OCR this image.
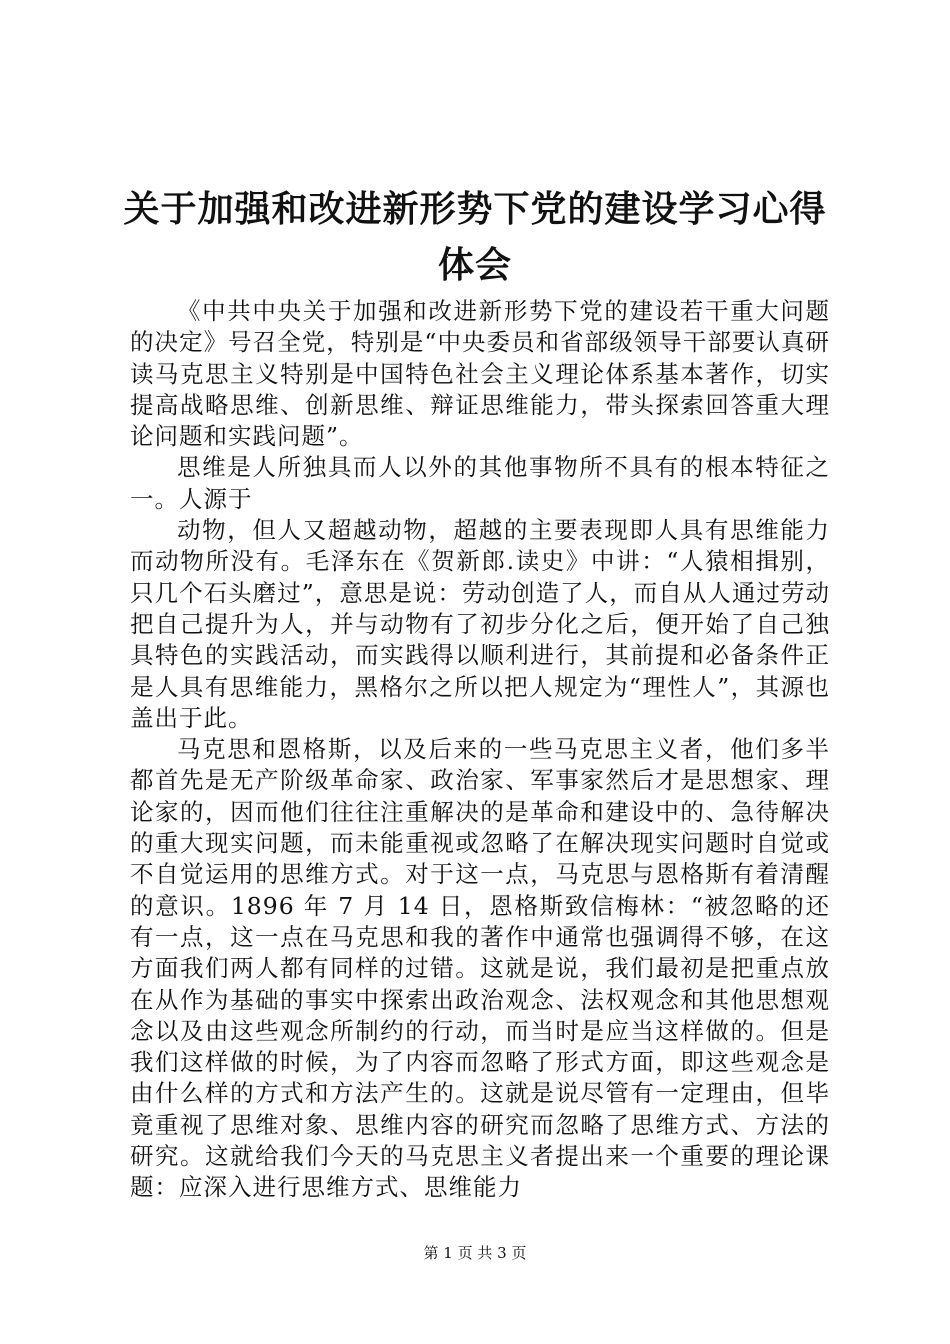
关于加强和改进新形势下党的建设学习心得体会

《中共中央关于加强和改进新形势下党的建设若干重大问题的决定》号召全党，特别是“中央委员和省部级领导干部要认真研读马克思主义特别是中国特色社会主义理论体系基本著作，切实提高战略思维、创新思维、辩证思维能力，带头探索回答重大理论问题和实践问题”。

思维是人所独具而人以外的其他事物所不具有的根本特征之一。人源于

动物，但人又超越动物，超越的主要表现即人具有思维能力而动物所没有。毛泽东在《贺新郎.读史》中讲：“人猿相揖别，只几个石头磨过”，意思是说：劳动创造了人，而自从人通过劳动把自己提升为人，并与动物有了初步分化之后，便开始了自己独具特色的实践活动，而实践得以顺利进行，其前提和必备条件正是人具有思维能力，黑格尔之所以把人规定为“理性人”，其源也盖出于此。

马克思和恩格斯，以及后来的一些马克思主义者，他们多半都首先是无产阶级革命家、政治家、军事家然后才是思想家、理论家的，因而他们往往注重解决的是革命和建设中的、急待解决的重大现实问题，而未能重视或忽略了在解决现实问题时自觉或不自觉运用的思维方式。对于这一点，马克思与恩格斯有着清醒的意识。1896 年 7 月 14 日，恩格斯致信梅林：“被忽略的还有一点，这一点在马克思和我的著作中通常也强调得不够，在这方面我们两人都有同样的过错。这就是说，我们最初是把重点放在从作为基础的事实中探索出政治观念、法权观念和其他思想观念以及由这些观念所制约的行动，而当时是应当这样做的。但是我们这样做的时候，为了内容而忽略了形式方面，即这些观念是由什么样的方式和方法产生的。这就是说尽管有一定理由，但毕竟重视了思维对象、思维内容的研究而忽略了思维方式、方法的研究。这就给我们今天的马克思主义者提出来一个重要的理论课题：应深入进行思维方式、思维能力

第 1 页 共 3 页
